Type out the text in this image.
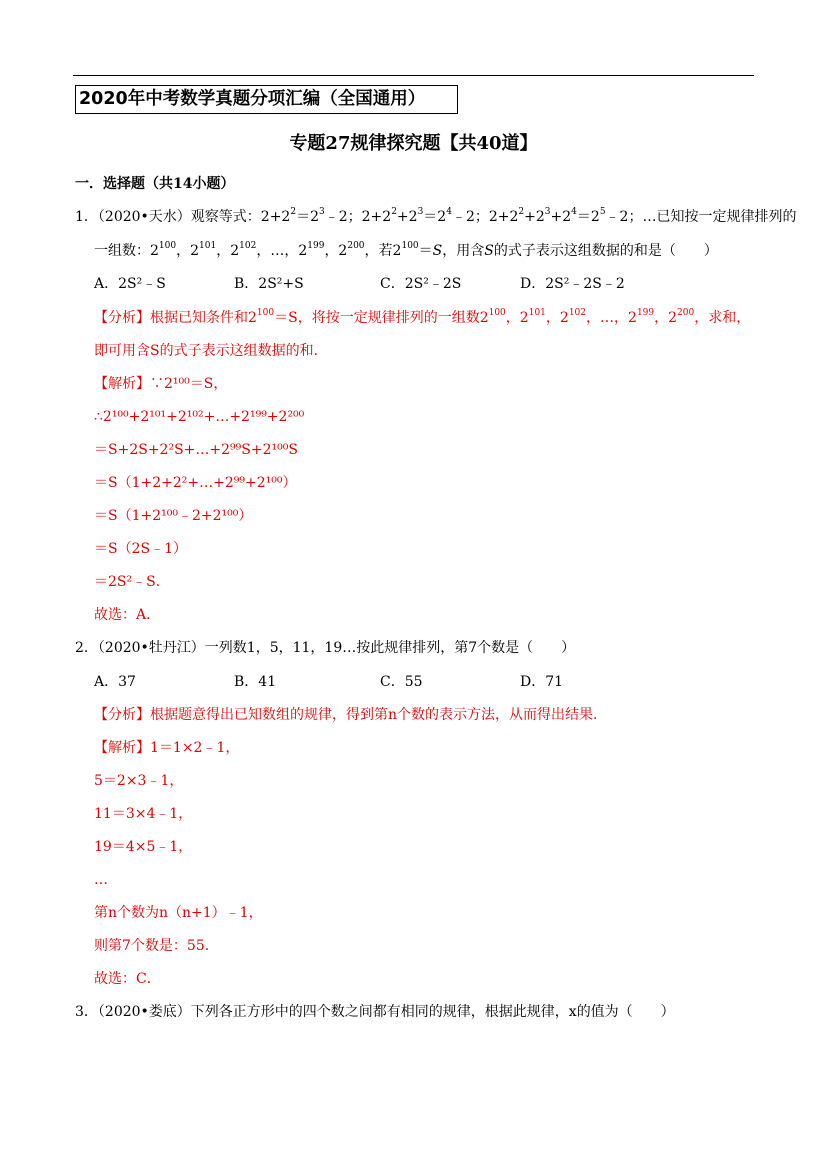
2020年中考数学真题分项汇编（全国通用）
专题27规律探究题【共40道】
一．选择题（共14小题）
1．（2020•天水）观察等式：$2+2^2=2^3﹣2$；$2+2^2+2^3=2^4﹣2$；$2+2^2+2^3+2^4=2^5﹣2$；…已知按一定规律排列的
一组数：$2^{100}$，$2^{101}$，$2^{102}$，…，$2^{199}$，$2^{200}$，若$2^{100}=S$，用含S的式子表示这组数据的和是（　　）
A．2S²﹣S	B．2S²+S	C．2S²﹣2S	D．2S²﹣2S﹣2
【分析】根据已知条件和$2^{100}=S$，将按一定规律排列的一组数$2^{100}$，$2^{101}$，$2^{102}$，…，$2^{199}$，$2^{200}$，求和，
即可用含S的式子表示这组数据的和．
【解析】∵2¹⁰⁰＝S，
∴2¹⁰⁰+2¹⁰¹+2¹⁰²+…+2¹⁹⁹+2²⁰⁰
＝S+2S+2²S+…+2⁹⁹S+2¹⁰⁰S
＝S（1+2+2²+…+2⁹⁹+2¹⁰⁰）
＝S（1+2¹⁰⁰﹣2+2¹⁰⁰）
＝S（2S﹣1）
＝2S²﹣S．
故选：A．
2．（2020•牡丹江）一列数1，5，11，19…按此规律排列，第7个数是（　　）
A．37	B．41	C．55	D．71
【分析】根据题意得出已知数组的规律，得到第n个数的表示方法，从而得出结果．
【解析】1＝1×2﹣1，
5＝2×3﹣1，
11＝3×4﹣1，
19＝4×5﹣1，
…
第n个数为n（n+1）﹣1，
则第7个数是：55．
故选：C．
3．（2020•娄底）下列各正方形中的四个数之间都有相同的规律，根据此规律，x的值为（　　）
